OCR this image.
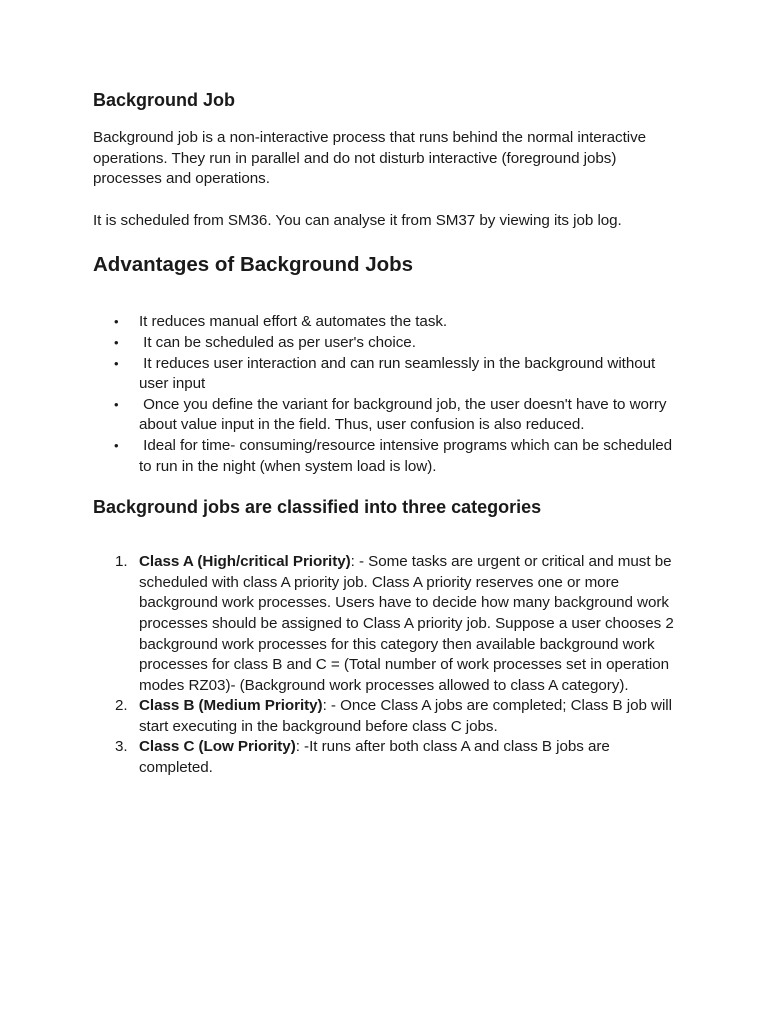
Background Job

Background job is a non-interactive process that runs behind the normal interactive operations. They run in parallel and do not disturb interactive (foreground jobs) processes and operations.

It is scheduled from SM36. You can analyse it from SM37 by viewing its job log.

Advantages of Background Jobs
• It reduces manual effort & automates the task.
• It can be scheduled as per user's choice.
• It reduces user interaction and can run seamlessly in the background without user input
• Once you define the variant for background job, the user doesn't have to worry about value input in the field. Thus, user confusion is also reduced.
• Ideal for time- consuming/resource intensive programs which can be scheduled to run in the night (when system load is low).
Background jobs are classified into three categories
1. Class A (High/critical Priority): - Some tasks are urgent or critical and must be scheduled with class A priority job. Class A priority reserves one or more background work processes. Users have to decide how many background work processes should be assigned to Class A priority job. Suppose a user chooses 2 background work processes for this category then available background work processes for class B and C = (Total number of work processes set in operation modes RZ03)- (Background work processes allowed to class A category).
2. Class B (Medium Priority): - Once Class A jobs are completed; Class B job will start executing in the background before class C jobs.
3. Class C (Low Priority): -It runs after both class A and class B jobs are completed.
